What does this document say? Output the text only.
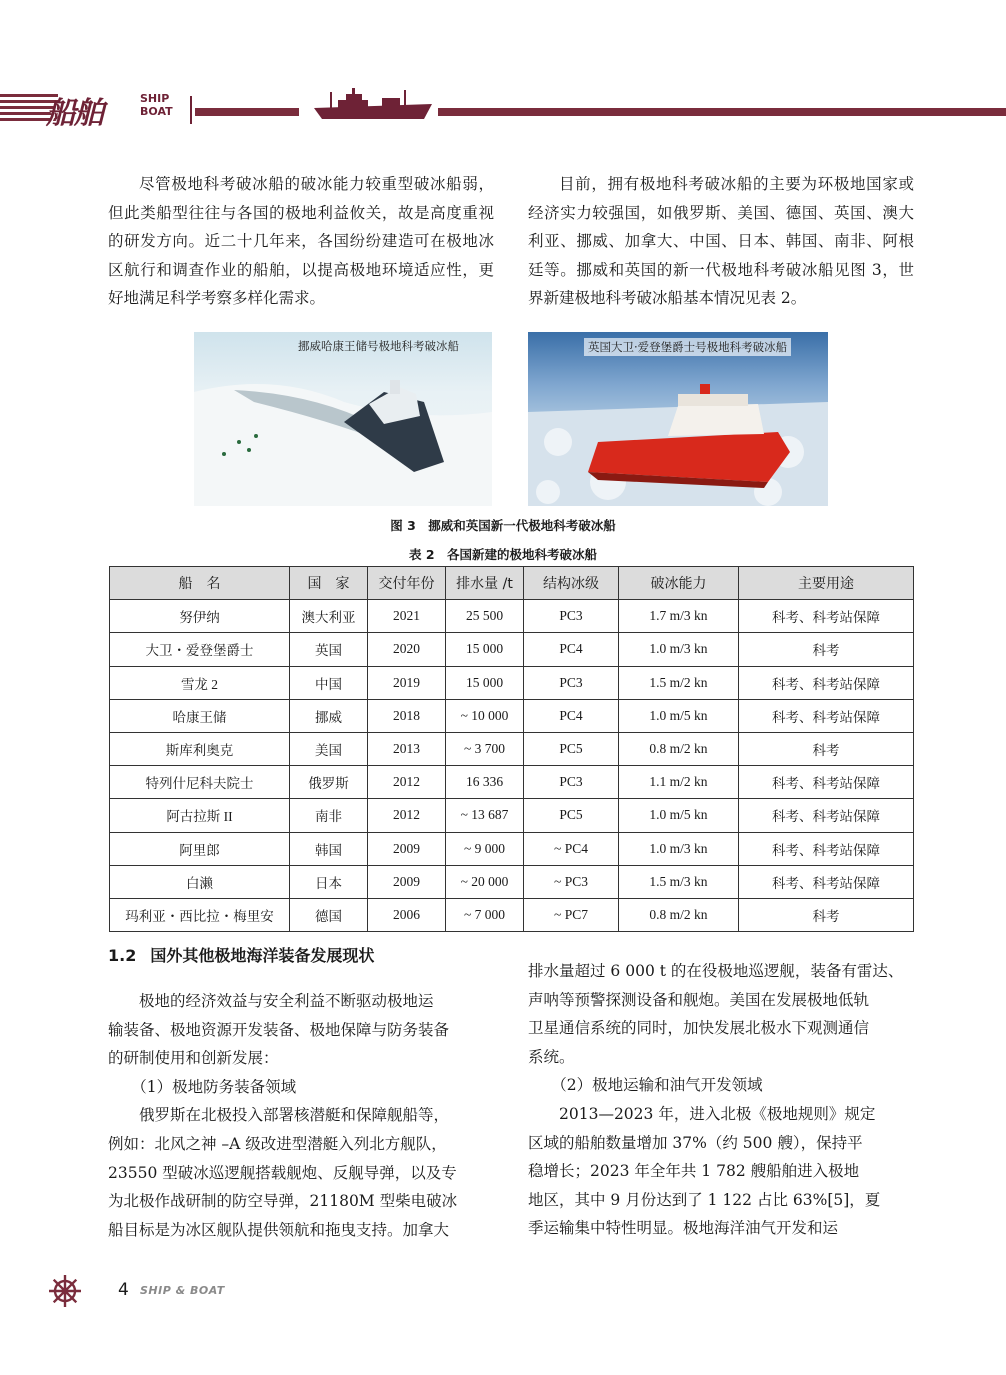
船舶	SHIP
BOAT

尽管极地科考破冰船的破冰能力较重型破冰船弱，但此类船型往往与各国的极地利益攸关，故是高度重视的研发方向。近二十几年来，各国纷纷建造可在极地冰区航行和调查作业的船舶，以提高极地环境适应性，更好地满足科学考察多样化需求。

目前，拥有极地科考破冰船的主要为环极地国家或经济实力较强国，如俄罗斯、美国、德国、英国、澳大利亚、挪威、加拿大、中国、日本、韩国、南非、阿根廷等。挪威和英国的新一代极地科考破冰船见图 3，世界新建极地科考破冰船基本情况见表 2。

挪威哈康王储号极地科考破冰船	英国大卫·爱登堡爵士号极地科考破冰船
图 3　挪威和英国新一代极地科考破冰船
表 2　各国新建的极地科考破冰船
船　名	国　家	交付年份	排水量 /t	结构冰级	破冰能力	主要用途
努伊纳	澳大利亚	2021	25 500	PC3	1.7 m/3 kn	科考、科考站保障
大卫・爱登堡爵士	英国	2020	15 000	PC4	1.0 m/3 kn	科考
雪龙 2	中国	2019	15 000	PC3	1.5 m/2 kn	科考、科考站保障
哈康王储	挪威	2018	~ 10 000	PC4	1.0 m/5 kn	科考、科考站保障
斯库利奥克	美国	2013	~ 3 700	PC5	0.8 m/2 kn	科考
特列什尼科夫院士	俄罗斯	2012	16 336	PC3	1.1 m/2 kn	科考、科考站保障
阿古拉斯 II	南非	2012	~ 13 687	PC5	1.0 m/5 kn	科考、科考站保障
阿里郎	韩国	2009	~ 9 000	~ PC4	1.0 m/3 kn	科考、科考站保障
白濑	日本	2009	~ 20 000	~ PC3	1.5 m/3 kn	科考、科考站保障
玛利亚・西比拉・梅里安	德国	2006	~ 7 000	~ PC7	0.8 m/2 kn	科考
1.2 国外其他极地海洋装备发展现状
　　极地的经济效益与安全利益不断驱动极地运
输装备、极地资源开发装备、极地保障与防务装备
的研制使用和创新发展：
　　（1）极地防务装备领域
　　俄罗斯在北极投入部署核潜艇和保障舰船等，
例如：北风之神 –A 级改进型潜艇入列北方舰队，
23550 型破冰巡逻舰搭载舰炮、反舰导弹，以及专
为北极作战研制的防空导弹，21180M 型柴电破冰
船目标是为冰区舰队提供领航和拖曳支持。加拿大
排水量超过 6 000 t 的在役极地巡逻舰，装备有雷达、
声呐等预警探测设备和舰炮。美国在发展极地低轨
卫星通信系统的同时，加快发展北极水下观测通信
系统。
　　（2）极地运输和油气开发领域
　　2013—2023 年，进入北极《极地规则》规定
区域的船舶数量增加 37%（约 500 艘），保持平
稳增长；2023 年全年共 1 782 艘船舶进入极地
地区，其中 9 月份达到了 1 122 占比 63%[5]，夏
季运输集中特性明显。极地海洋油气开发和运
4 SHIP & BOAT
